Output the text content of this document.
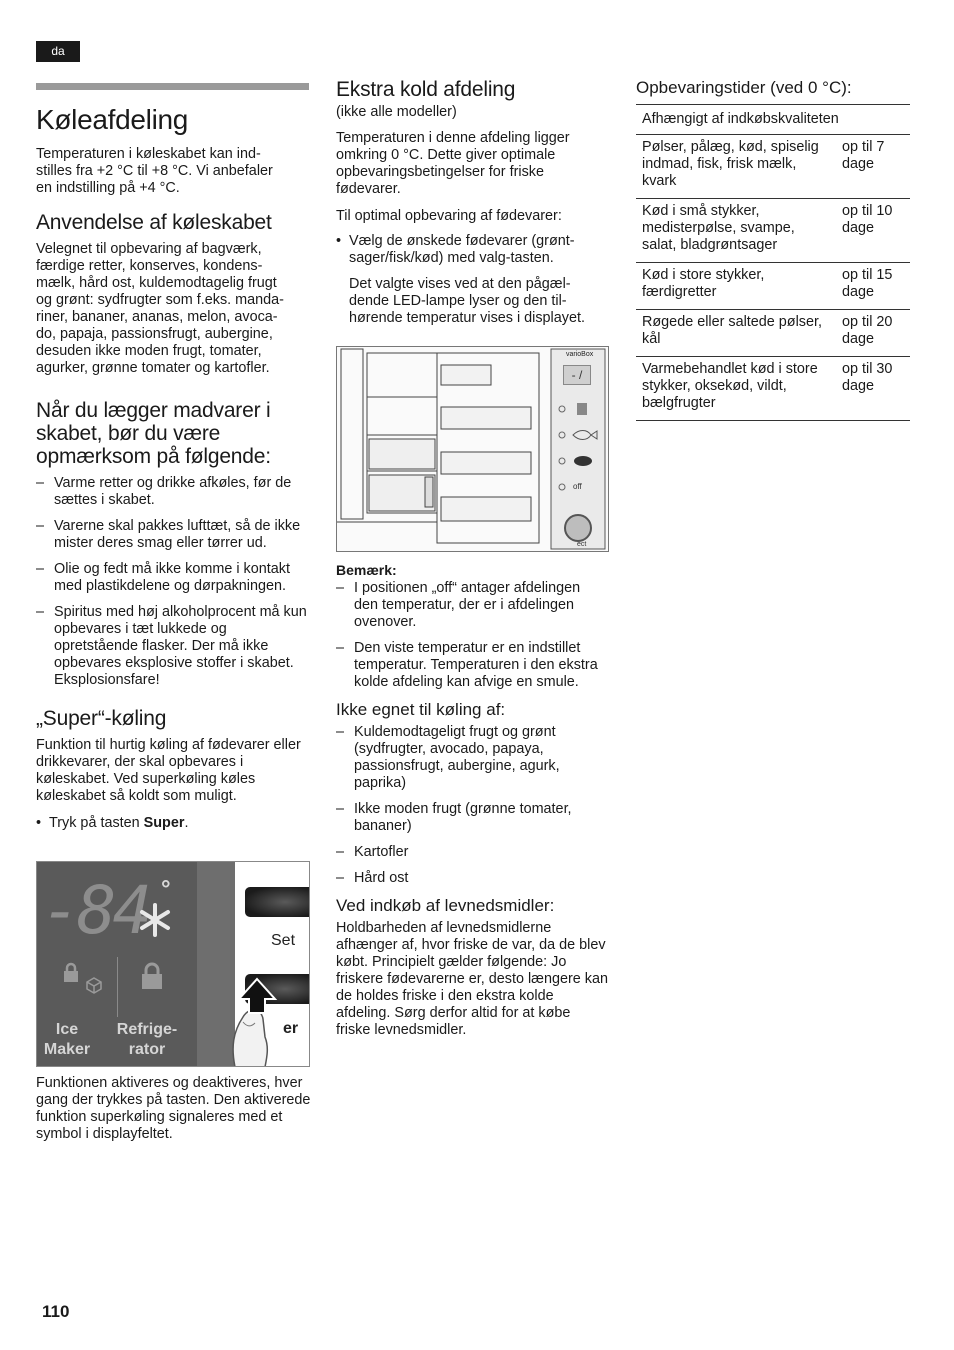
da
Køleafdeling

Temperaturen i køleskabet kan ind-
stilles fra +2 °C til +8 °C. Vi anbefaler
en indstilling på +4 °C.

Anvendelse af køleskabet

Velegnet til opbevaring af bagværk,
færdige retter, konserves, kondens-
mælk, hård ost, kuldemodtagelig frugt
og grønt: sydfrugter som f.eks. manda-
riner, bananer, ananas, melon, avoca-
do, papaja, passionsfrugt, aubergine,
desuden ikke moden frugt, tomater,
agurker, grønne tomater og kartofler.

Når du lægger madvarer i skabet, bør du være opmærksom på følgende:
– Varme retter og drikke afkøles, før de sættes i skabet.
– Varerne skal pakkes lufttæt, så de ikke mister deres smag eller tørrer ud.
– Olie og fedt må ikke komme i kontakt med plastikdelene og dørpakningen.
– Spiritus med høj alkoholprocent må kun opbevares i tæt lukkede og opretstående flasker. Der må ikke opbevares eksplosive stoffer i skabet. Eksplosionsfare!
„Super“-køling

Funktion til hurtig køling af fødevarer eller drikkevarer, der skal opbevares i køleskabet. Ved superkøling køles køleskabet så koldt som muligt.

• Tryk på tasten Super.
-84 °
Ice
Maker
Refrige-
rator
Set
er

Funktionen aktiveres og deaktiveres, hver gang der trykkes på tasten. Den aktiverede funktion superkøling signaleres med et symbol i displayfeltet.

Ekstra kold afdeling

(ikke alle modeller)

Temperaturen i denne afdeling ligger omkring 0 °C. Dette giver optimale opbevaringsbetingelser for friske fødevarer.

Til optimal opbevaring af fødevarer:

• Vælg de ønskede fødevarer (grønt-sager/fisk/kød) med valg-tasten.

Det valgte vises ved at den pågæl-dende LED-lampe lyser og den til-hørende temperatur vises i displayet.

varioBox
- /
off
ect
Bemærk:
– I positionen „off“ antager afdelingen den temperatur, der er i afdelingen ovenover.
– Den viste temperatur er en indstillet temperatur. Temperaturen i den ekstra kolde afdeling kan afvige en smule.
Ikke egnet til køling af:
– Kuldemodtageligt frugt og grønt (sydfrugter, avocado, papaya, passionsfrugt, aubergine, agurk, paprika)
– Ikke moden frugt (grønne tomater, bananer)
– Kartofler
– Hård ost
Ved indkøb af levnedsmidler:

Holdbarheden af levnedsmidlerne afhænger af, hvor friske de var, da de blev købt. Principielt gælder følgende: Jo friskere fødevarerne er, desto længere kan de holdes friske i den ekstra kolde afdeling. Sørg derfor altid for at købe friske levnedsmidler.

Opbevaringstider (ved 0 °C):
Afhængigt af indkøbskvaliteten	
Pølser, pålæg, kød, spiselig indmad, fisk, frisk mælk, kvark	op til 7 dage
Kød i små stykker, medisterpølse, svampe, salat, bladgrøntsager	op til 10 dage
Kød i store stykker, færdigretter	op til 15 dage
Røgede eller saltede pølser, kål	op til 20 dage
Varmebehandlet kød i store stykker, oksekød, vildt, bælgfrugter	op til 30 dage
110
